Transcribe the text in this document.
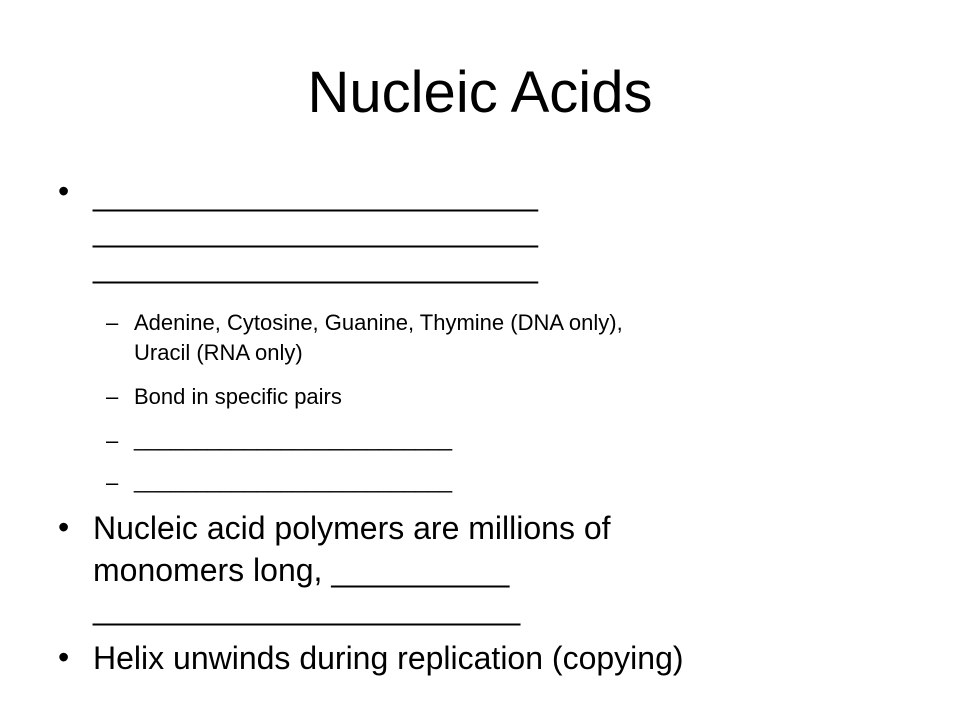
Nucleic Acids
• _________________________
_________________________
_________________________
– Adenine, Cytosine, Guanine, Thymine (DNA only),
Uracil (RNA only)
– Bond in specific pairs
– __________________________
– __________________________
• Nucleic acid polymers are millions of
monomers long, __________
________________________
• Helix unwinds during replication (copying)
